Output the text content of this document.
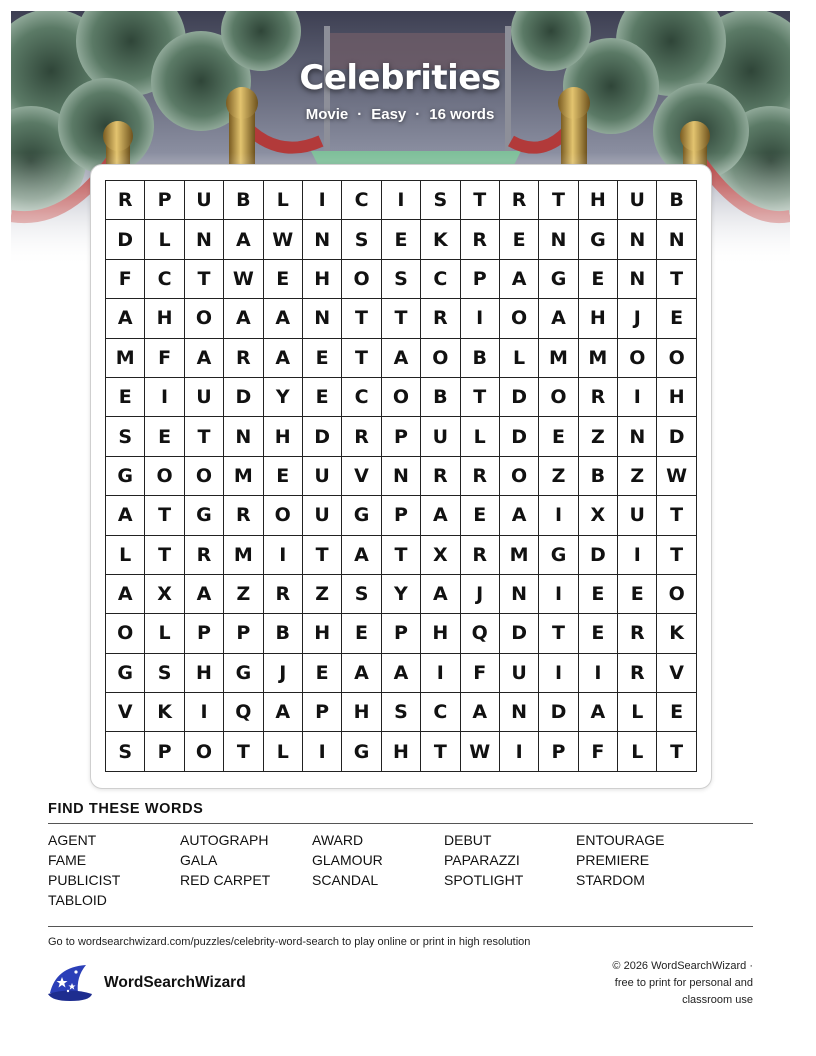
Celebrities
Movie · Easy · 16 words
R	P	U	B	L	I	C	I	S	T	R	T	H	U	B
D	L	N	A	W	N	S	E	K	R	E	N	G	N	N
F	C	T	W	E	H	O	S	C	P	A	G	E	N	T
A	H	O	A	A	N	T	T	R	I	O	A	H	J	E
M	F	A	R	A	E	T	A	O	B	L	M	M	O	O
E	I	U	D	Y	E	C	O	B	T	D	O	R	I	H
S	E	T	N	H	D	R	P	U	L	D	E	Z	N	D
G	O	O	M	E	U	V	N	R	R	O	Z	B	Z	W
A	T	G	R	O	U	G	P	A	E	A	I	X	U	T
L	T	R	M	I	T	A	T	X	R	M	G	D	I	T
A	X	A	Z	R	Z	S	Y	A	J	N	I	E	E	O
O	L	P	P	B	H	E	P	H	Q	D	T	E	R	K
G	S	H	G	J	E	A	A	I	F	U	I	I	R	V
V	K	I	Q	A	P	H	S	C	A	N	D	A	L	E
S	P	O	T	L	I	G	H	T	W	I	P	F	L	T
FIND THESE WORDS
AGENT	AUTOGRAPH	AWARD	DEBUT	ENTOURAGE
FAME	GALA	GLAMOUR	PAPARAZZI	PREMIERE
PUBLICIST	RED CARPET	SCANDAL	SPOTLIGHT	STARDOM
TABLOID
Go to wordsearchwizard.com/puzzles/celebrity-word-search to play online or print in high resolution
WordSearchWizard
© 2026 WordSearchWizard ·
free to print for personal and
classroom use
